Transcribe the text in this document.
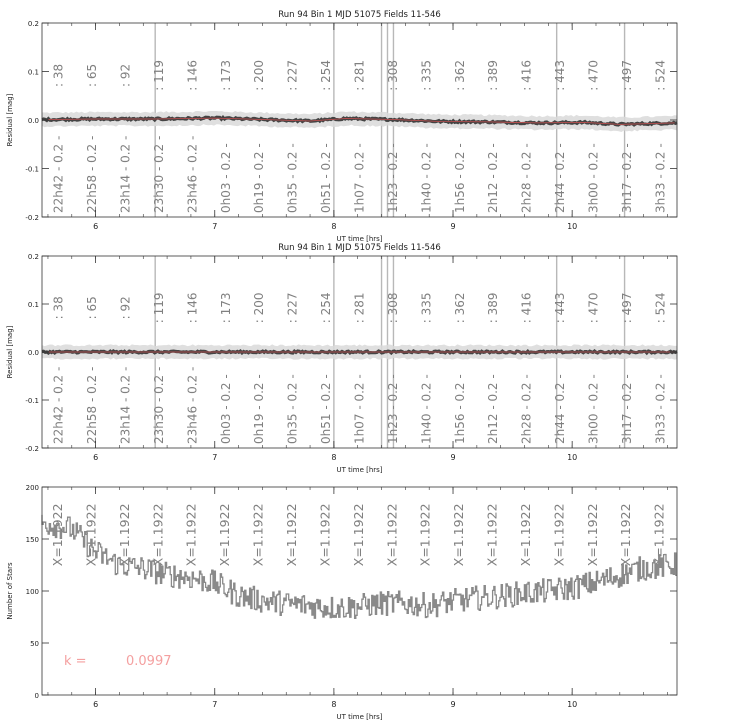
Run 94 Bin 1 MJD 51075 Fields 11-546
: 38
22h42 - 0.2 -
: 65
22h58 - 0.2 -
: 92
23h14 - 0.2 -
: 119
23h30 - 0.2 -
: 146
23h46 - 0.2 -
: 173
0h03 - 0.2 -
: 200
0h19 - 0.2 -
: 227
0h35 - 0.2 -
: 254
0h51 - 0.2 -
: 281
1h07 - 0.2 -
: 308
1h23 - 0.2 -
: 335
1h40 - 0.2 -
: 362
1h56 - 0.2 -
: 389
2h12 - 0.2 -
: 416
2h28 - 0.2 -
: 443
2h44 - 0.2 -
: 470
3h00 - 0.2 -
: 497
3h17 - 0.2 -
: 524
3h33 - 0.2 -
6	7	8	9	10
0.2
0.1
0.0
-0.1
-0.2
UT time [hrs]
Residual [mag]
Run 94 Bin 1 MJD 51075 Fields 11-546
: 38
22h42 - 0.2 -
: 65
22h58 - 0.2 -
: 92
23h14 - 0.2 -
: 119
23h30 - 0.2 -
: 146
23h46 - 0.2 -
: 173
0h03 - 0.2 -
: 200
0h19 - 0.2 -
: 227
0h35 - 0.2 -
: 254
0h51 - 0.2 -
: 281
1h07 - 0.2 -
: 308
1h23 - 0.2 -
: 335
1h40 - 0.2 -
: 362
1h56 - 0.2 -
: 389
2h12 - 0.2 -
: 416
2h28 - 0.2 -
: 443
2h44 - 0.2 -
: 470
3h00 - 0.2 -
: 497
3h17 - 0.2 -
: 524
3h33 - 0.2 -
6	7	8	9	10
0.2
0.1
0.0
-0.1
-0.2
UT time [hrs]
Residual [mag]
X=1.1922 X=1.1922 X=1.1922 X=1.1922 X=1.1922 X=1.1922 X=1.1922 X=1.1922 X=1.1922 X=1.1922 X=1.1922 X=1.1922 X=1.1922 X=1.1922 X=1.1922 X=1.1922 X=1.1922 X=1.1922 X=1.1922
k =	0.0997
6	7	8	9	10
200
150
100
50
0
UT time [hrs]
Number of Stars
